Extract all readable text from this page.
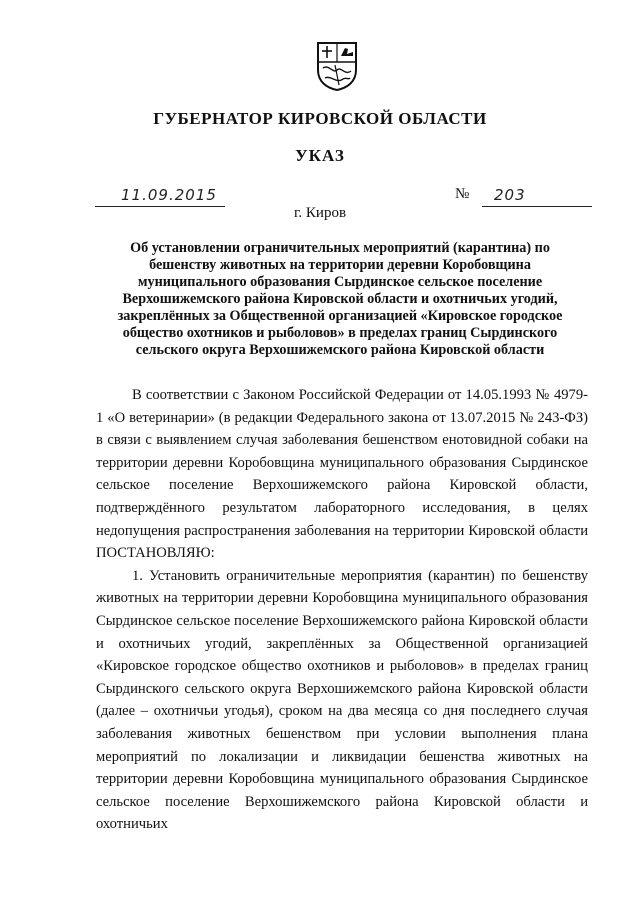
ГУБЕРНАТОР КИРОВСКОЙ ОБЛАСТИ
УКАЗ
11.09.2015	№ 203
г. Киров

Об установлении ограничительных мероприятий (карантина) по бешенству животных на территории деревни Коробовщина муниципального образования Сырдинское сельское поселение Верхошижемского района Кировской области и охотничьих угодий, закреплённых за Общественной организацией «Кировское городское общество охотников и рыболовов» в пределах границ Сырдинского сельского округа Верхошижемского района Кировской области

В соответствии с Законом Российской Федерации от 14.05.1993 № 4979-1 «О ветеринарии» (в редакции Федерального закона от 13.07.2015 № 243-ФЗ) в связи с выявлением случая заболевания бешенством енотовидной собаки на территории деревни Коробовщина муниципального образования Сырдинское сельское поселение Верхошижемского района Кировской области, подтверждённого результатом лабораторного исследования, в целях недопущения распространения заболевания на территории Кировской области ПОСТАНОВЛЯЮ:

1. Установить ограничительные мероприятия (карантин) по бешенству животных на территории деревни Коробовщина муниципального образования Сырдинское сельское поселение Верхошижемского района Кировской области и охотничьих угодий, закреплённых за Общественной организацией «Кировское городское общество охотников и рыболовов» в пределах границ Сырдинского сельского округа Верхошижемского района Кировской области (далее – охотничьи угодья), сроком на два месяца со дня последнего случая заболевания животных бешенством при условии выполнения плана мероприятий по локализации и ликвидации бешенства животных на территории деревни Коробовщина муниципального образования Сырдинское сельское поселение Верхошижемского района Кировской области и охотничьих
